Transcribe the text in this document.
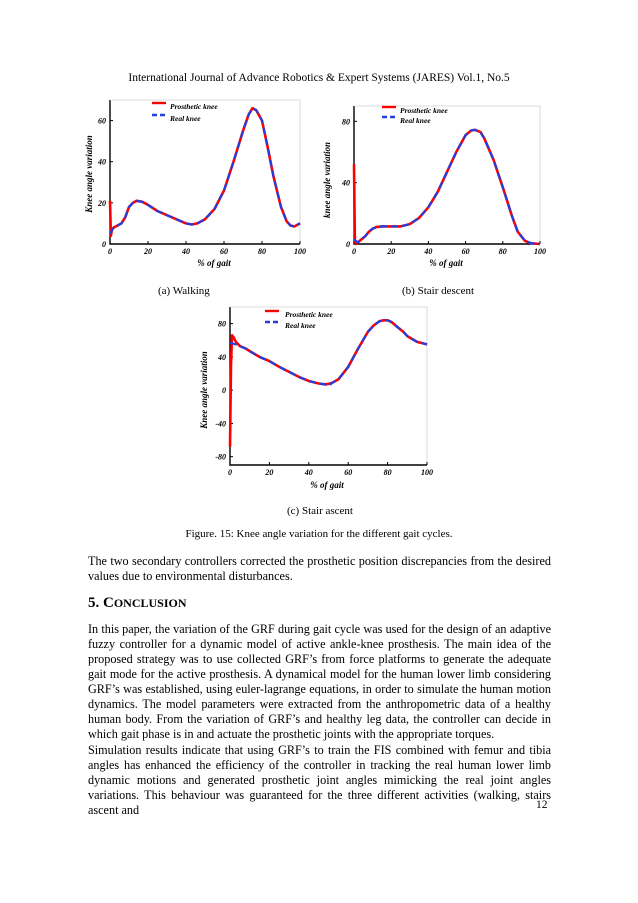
International Journal of Advance Robotics & Expert Systems (JARES) Vol.1, No.5
0	20	40	60	80	100
0
20
40
60
Prosthetic knee
Real knee
% of gait
Knee angle variation
0	20	40	60	80	100
0
40
80
Prosthetic knee
Real knee
% of gait
knee angle variation
(a) Walking	(b) Stair descent
0	20	40	60	80	100
-80
-40
0
40
80
Prosthetic knee
Real knee
% of gait
Knee angle variation
(c) Stair ascent
Figure. 15: Knee angle variation for the different gait cycles.

The two secondary controllers corrected the prosthetic position discrepancies from the desired values due to environmental disturbances.

5. CONCLUSION

In this paper, the variation of the GRF during gait cycle was used for the design of an adaptive fuzzy controller for a dynamic model of active ankle-knee prosthesis. The main idea of the proposed strategy was to use collected GRF’s from force platforms to generate the adequate gait mode for the active prosthesis. A dynamical model for the human lower limb considering GRF’s was established, using euler-lagrange equations, in order to simulate the human motion dynamics. The model parameters were extracted from the anthropometric data of a healthy human body. From the variation of GRF’s and healthy leg data, the controller can decide in which gait phase is in and actuate the prosthetic joints with the appropriate torques.

Simulation results indicate that using GRF’s to train the FIS combined with femur and tibia angles has enhanced the efficiency of the controller in tracking the real human lower limb dynamic motions and generated prosthetic joint angles mimicking the real joint angles variations. This behaviour was guaranteed for the three different activities (walking, stairs ascent and	12
